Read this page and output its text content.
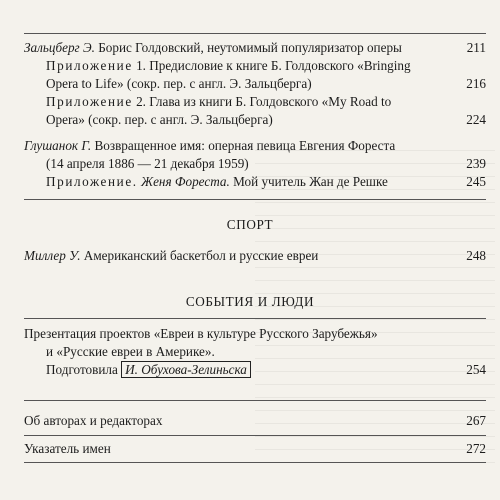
Зальцберг Э. Борис Голдовский, неутомимый популяризатор оперы	211
Приложение 1. Предисловие к книге Б. Голдовского «Bringing
Opera to Life» (сокр. пер. с англ. Э. Зальцберга)	216
Приложение 2. Глава из книги Б. Голдовского «My Road to
Opera» (сокр. пер. с англ. Э. Зальцберга)	224
Глушанок Г. Возвращенное имя: оперная певица Евгения Фореста
(14 апреля 1886 — 21 декабря 1959)	239
Приложение. Женя Фореста. Мой учитель Жан де Решке	245
СПОРТ
Миллер У. Американский баскетбол и русские евреи	248
СОБЫТИЯ И ЛЮДИ
Презентация проектов «Евреи в культуре Русского Зарубежья»
и «Русские евреи в Америке».
Подготовила И. Обухова-Зелиньска	254
Об авторах и редакторах	267
Указатель имен	272
